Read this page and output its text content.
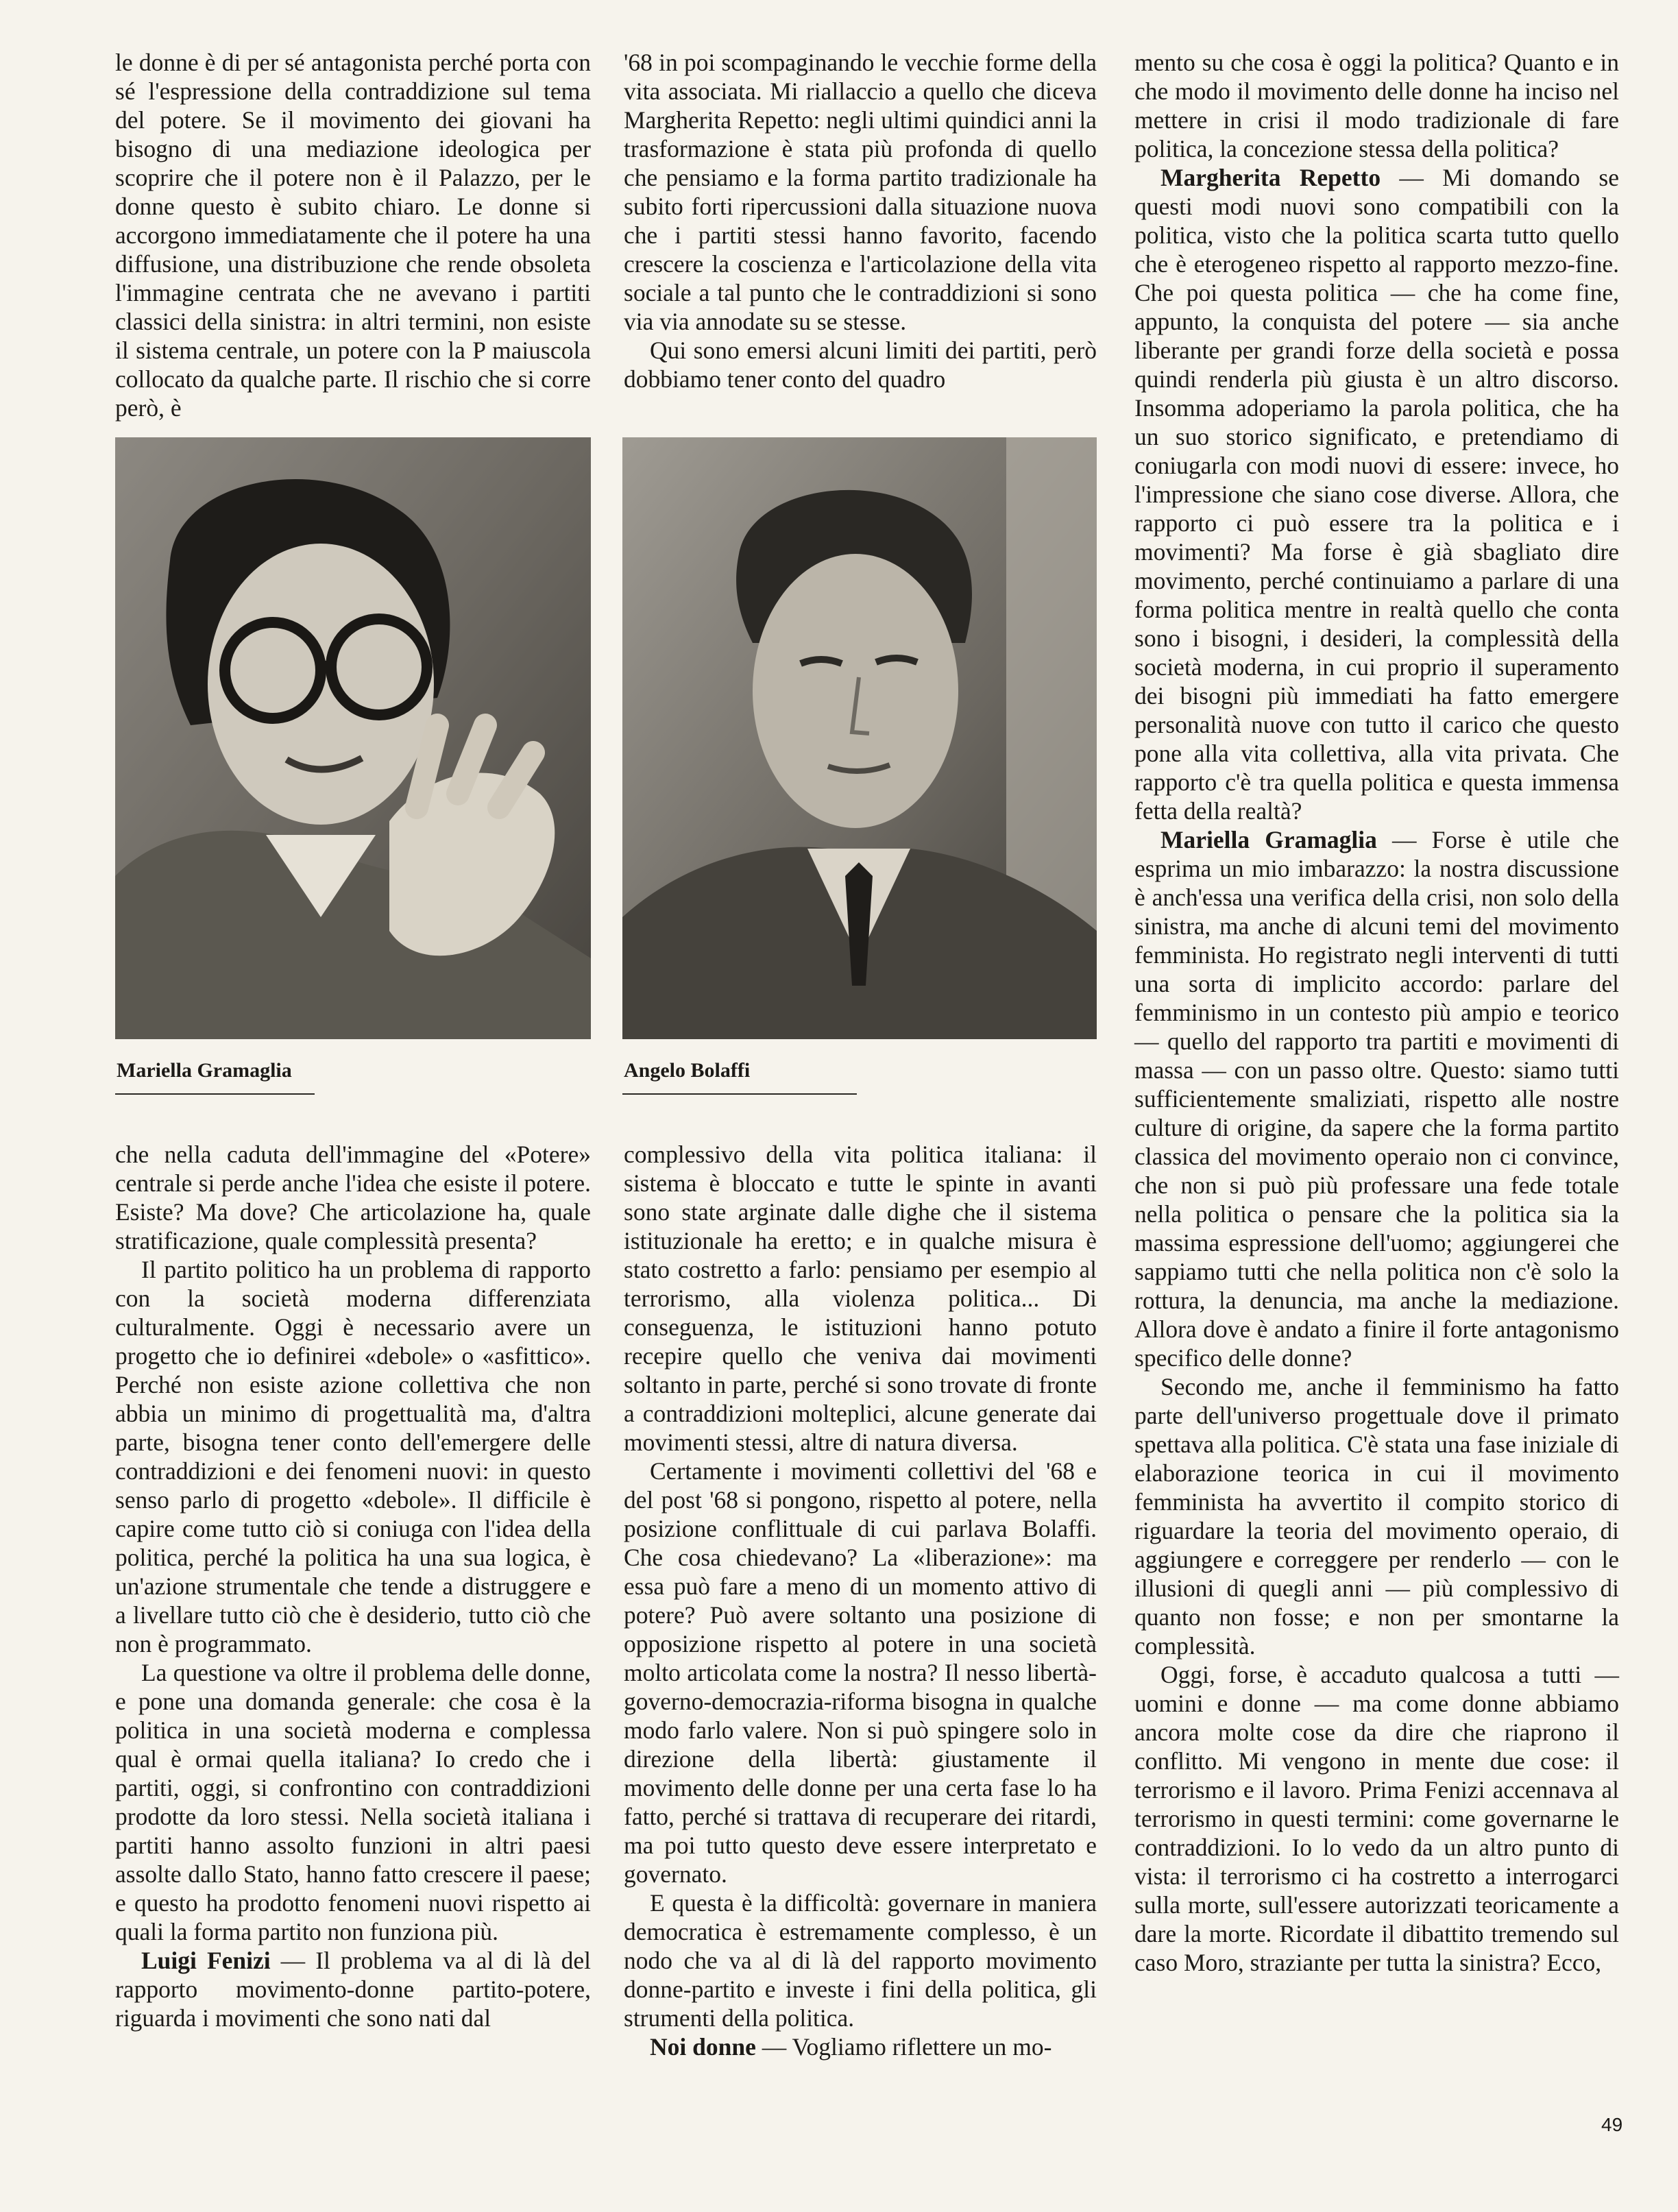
le donne è di per sé antagonista perché porta con sé l'espressione della contraddizione sul tema del potere. Se il movimento dei giovani ha bisogno di una mediazione ideologica per scoprire che il potere non è il Palazzo, per le donne questo è subito chiaro. Le donne si accorgono immediatamente che il potere ha una diffusione, una distribuzione che rende obsoleta l'immagine centrata che ne avevano i partiti classici della sinistra: in altri termini, non esiste il sistema centrale, un potere con la P maiuscola collocato da qualche parte. Il rischio che si corre però, è

'68 in poi scompaginando le vecchie forme della vita associata. Mi riallaccio a quello che diceva Margherita Repetto: negli ultimi quindici anni la trasformazione è stata più profonda di quello che pensiamo e la forma partito tradizionale ha subito forti ripercussioni dalla situazione nuova che i partiti stessi hanno favorito, facendo crescere la coscienza e l'articolazione della vita sociale a tal punto che le contraddizioni si sono via via annodate su se stesse.

Qui sono emersi alcuni limiti dei partiti, però dobbiamo tener conto del quadro

mento su che cosa è oggi la politica? Quanto e in che modo il movimento delle donne ha inciso nel mettere in crisi il modo tradizionale di fare politica, la concezione stessa della politica?

Margherita Repetto — Mi domando se questi modi nuovi sono compatibili con la politica, visto che la politica scarta tutto quello che è eterogeneo rispetto al rapporto mezzo-fine. Che poi questa politica — che ha come fine, appunto, la conquista del potere — sia anche liberante per grandi forze della società e possa quindi renderla più giusta è un altro discorso. Insomma adoperiamo la parola politica, che ha un suo storico significato, e pretendiamo di coniugarla con modi nuovi di essere: invece, ho l'impressione che siano cose diverse. Allora, che rapporto ci può essere tra la politica e i movimenti? Ma forse è già sbagliato dire movimento, perché continuiamo a parlare di una forma politica mentre in realtà quello che conta sono i bisogni, i desideri, la complessità della società moderna, in cui proprio il superamento dei bisogni più immediati ha fatto emergere personalità nuove con tutto il carico che questo pone alla vita collettiva, alla vita privata. Che rapporto c'è tra quella politica e questa immensa fetta della realtà?

Mariella Gramaglia — Forse è utile che esprima un mio imbarazzo: la nostra discussione è anch'essa una verifica della crisi, non solo della sinistra, ma anche di alcuni temi del movimento femminista. Ho registrato negli interventi di tutti una sorta di implicito accordo: parlare del femminismo in un contesto più ampio e teorico — quello del rapporto tra partiti e movimenti di massa — con un passo oltre. Questo: siamo tutti sufficientemente smaliziati, rispetto alle nostre culture di origine, da sapere che la forma partito classica del movimento operaio non ci convince, che non si può più professare una fede totale nella politica o pensare che la politica sia la massima espressione dell'uomo; aggiungerei che sappiamo tutti che nella politica non c'è solo la rottura, la denuncia, ma anche la mediazione. Allora dove è andato a finire il forte antagonismo specifico delle donne?

Secondo me, anche il femminismo ha fatto parte dell'universo progettuale dove il primato spettava alla politica. C'è stata una fase iniziale di elaborazione teorica in cui il movimento femminista ha avvertito il compito storico di riguardare la teoria del movimento operaio, di aggiungere e correggere per renderlo — con le illusioni di quegli anni — più complessivo di quanto non fosse; e non per smontarne la complessità.

Oggi, forse, è accaduto qualcosa a tutti — uomini e donne — ma come donne abbiamo ancora molte cose da dire che riaprono il conflitto. Mi vengono in mente due cose: il terrorismo e il lavoro. Prima Fenizi accennava al terrorismo in questi termini: come governarne le contraddizioni. Io lo vedo da un altro punto di vista: il terrorismo ci ha costretto a interrogarci sulla morte, sull'essere autorizzati teoricamente a dare la morte. Ricordate il dibattito tremendo sul caso Moro, straziante per tutta la sinistra? Ecco,

Mariella Gramaglia	Angelo Bolaffi

che nella caduta dell'immagine del «Potere» centrale si perde anche l'idea che esiste il potere. Esiste? Ma dove? Che articolazione ha, quale stratificazione, quale complessità presenta?

Il partito politico ha un problema di rapporto con la società moderna differenziata culturalmente. Oggi è necessario avere un progetto che io definirei «debole» o «asfittico». Perché non esiste azione collettiva che non abbia un minimo di progettualità ma, d'altra parte, bisogna tener conto dell'emergere delle contraddizioni e dei fenomeni nuovi: in questo senso parlo di progetto «debole». Il difficile è capire come tutto ciò si coniuga con l'idea della politica, perché la politica ha una sua logica, è un'azione strumentale che tende a distruggere e a livellare tutto ciò che è desiderio, tutto ciò che non è programmato.

La questione va oltre il problema delle donne, e pone una domanda generale: che cosa è la politica in una società moderna e complessa qual è ormai quella italiana? Io credo che i partiti, oggi, si confrontino con contraddizioni prodotte da loro stessi. Nella società italiana i partiti hanno assolto funzioni in altri paesi assolte dallo Stato, hanno fatto crescere il paese; e questo ha prodotto fenomeni nuovi rispetto ai quali la forma partito non funziona più.

Luigi Fenizi — Il problema va al di là del rapporto movimento-donne partito-potere, riguarda i movimenti che sono nati dal

complessivo della vita politica italiana: il sistema è bloccato e tutte le spinte in avanti sono state arginate dalle dighe che il sistema istituzionale ha eretto; e in qualche misura è stato costretto a farlo: pensiamo per esempio al terrorismo, alla violenza politica... Di conseguenza, le istituzioni hanno potuto recepire quello che veniva dai movimenti soltanto in parte, perché si sono trovate di fronte a contraddizioni molteplici, alcune generate dai movimenti stessi, altre di natura diversa.

Certamente i movimenti collettivi del '68 e del post '68 si pongono, rispetto al potere, nella posizione conflittuale di cui parlava Bolaffi. Che cosa chiedevano? La «liberazione»: ma essa può fare a meno di un momento attivo di potere? Può avere soltanto una posizione di opposizione rispetto al potere in una società molto articolata come la nostra? Il nesso libertà-governo-democrazia-riforma bisogna in qualche modo farlo valere. Non si può spingere solo in direzione della libertà: giustamente il movimento delle donne per una certa fase lo ha fatto, perché si trattava di recuperare dei ritardi, ma poi tutto questo deve essere interpretato e governato.

E questa è la difficoltà: governare in maniera democratica è estremamente complesso, è un nodo che va al di là del rapporto movimento donne-partito e investe i fini della politica, gli strumenti della politica.

Noi donne — Vogliamo riflettere un mo-

49
